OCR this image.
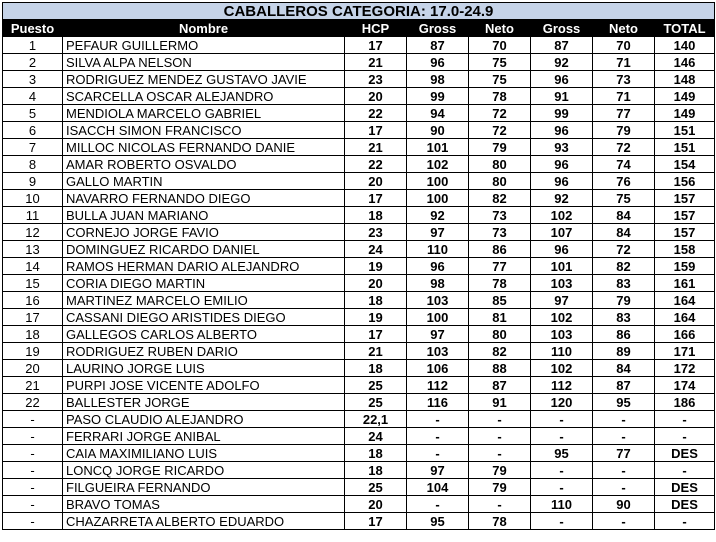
CABALLEROS CATEGORIA: 17.0-24.9							
Puesto	Nombre	HCP	Gross	Neto	Gross	Neto	TOTAL
1	PEFAUR GUILLERMO	17	87	70	87	70	140
2	SILVA ALPA NELSON	21	96	75	92	71	146
3	RODRIGUEZ MENDEZ GUSTAVO JAVIE	23	98	75	96	73	148
4	SCARCELLA OSCAR ALEJANDRO	20	99	78	91	71	149
5	MENDIOLA MARCELO GABRIEL	22	94	72	99	77	149
6	ISACCH SIMON FRANCISCO	17	90	72	96	79	151
7	MILLOC NICOLAS FERNANDO DANIE	21	101	79	93	72	151
8	AMAR ROBERTO OSVALDO	22	102	80	96	74	154
9	GALLO MARTIN	20	100	80	96	76	156
10	NAVARRO FERNANDO DIEGO	17	100	82	92	75	157
11	BULLA JUAN MARIANO	18	92	73	102	84	157
12	CORNEJO JORGE FAVIO	23	97	73	107	84	157
13	DOMINGUEZ RICARDO DANIEL	24	110	86	96	72	158
14	RAMOS HERMAN DARIO ALEJANDRO	19	96	77	101	82	159
15	CORIA DIEGO MARTIN	20	98	78	103	83	161
16	MARTINEZ MARCELO EMILIO	18	103	85	97	79	164
17	CASSANI DIEGO ARISTIDES DIEGO	19	100	81	102	83	164
18	GALLEGOS CARLOS ALBERTO	17	97	80	103	86	166
19	RODRIGUEZ RUBEN DARIO	21	103	82	110	89	171
20	LAURINO JORGE LUIS	18	106	88	102	84	172
21	PURPI JOSE VICENTE ADOLFO	25	112	87	112	87	174
22	BALLESTER JORGE	25	116	91	120	95	186
-	PASO CLAUDIO ALEJANDRO	22,1	-	-	-	-	-
-	FERRARI JORGE ANIBAL	24	-	-	-	-	-
-	CAIA MAXIMILIANO LUIS	18	-	-	95	77	DES
-	LONCQ JORGE RICARDO	18	97	79	-	-	-
-	FILGUEIRA FERNANDO	25	104	79	-	-	DES
-	BRAVO TOMAS	20	-	-	110	90	DES
-	CHAZARRETA ALBERTO EDUARDO	17	95	78	-	-	-
